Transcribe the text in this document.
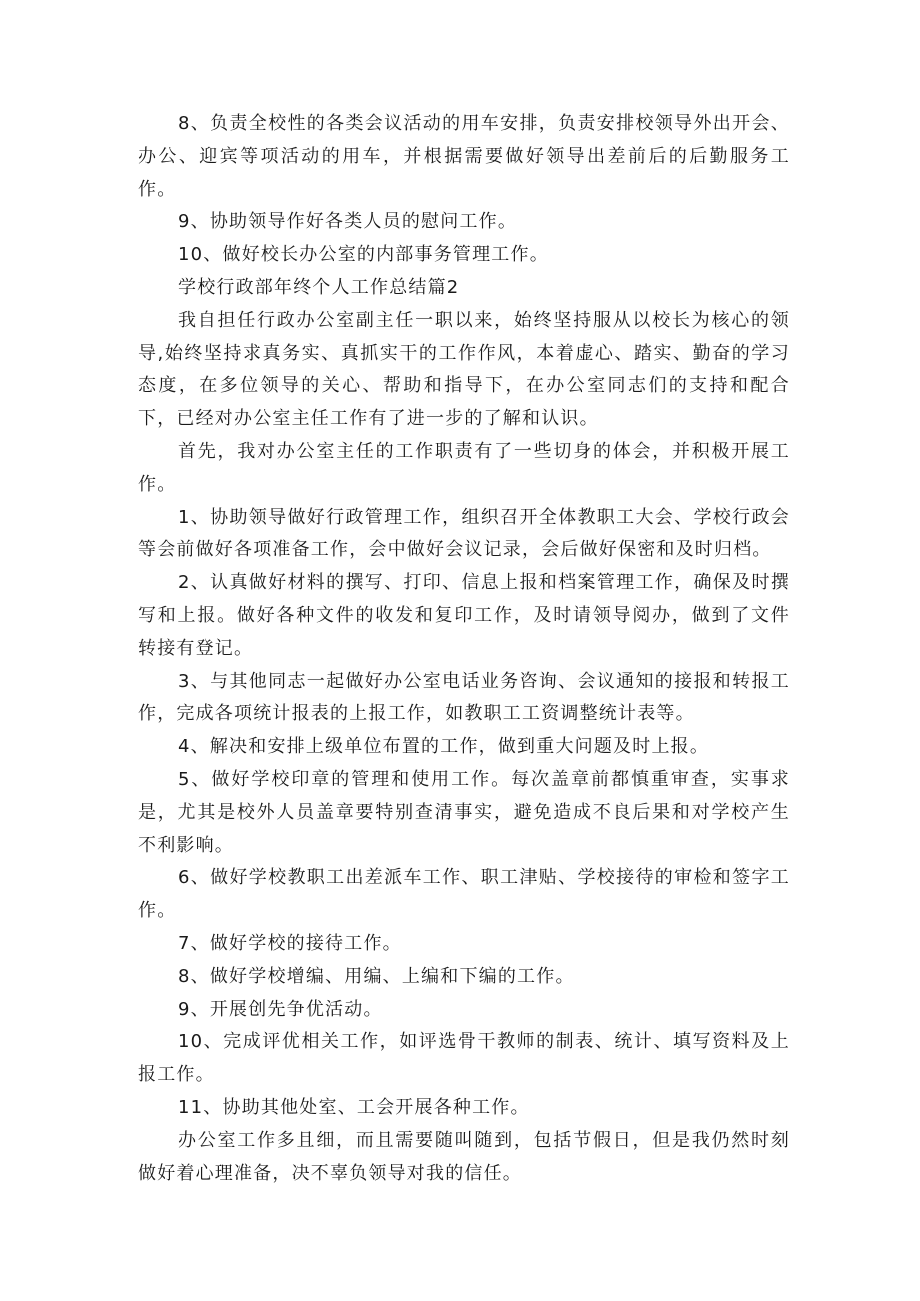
8、负责全校性的各类会议活动的用车安排，负责安排校领导外出开会、办公、迎宾等项活动的用车，并根据需要做好领导出差前后的后勤服务工作。

9、协助领导作好各类人员的慰问工作。

10、做好校长办公室的内部事务管理工作。

学校行政部年终个人工作总结篇2

我自担任行政办公室副主任一职以来，始终坚持服从以校长为核心的领导,始终坚持求真务实、真抓实干的工作作风，本着虚心、踏实、勤奋的学习态度，在多位领导的关心、帮助和指导下，在办公室同志们的支持和配合下，已经对办公室主任工作有了进一步的了解和认识。

首先，我对办公室主任的工作职责有了一些切身的体会，并积极开展工作。

1、协助领导做好行政管理工作，组织召开全体教职工大会、学校行政会等会前做好各项准备工作，会中做好会议记录，会后做好保密和及时归档。

2、认真做好材料的撰写、打印、信息上报和档案管理工作，确保及时撰写和上报。做好各种文件的收发和复印工作，及时请领导阅办，做到了文件转接有登记。

3、与其他同志一起做好办公室电话业务咨询、会议通知的接报和转报工作，完成各项统计报表的上报工作，如教职工工资调整统计表等。

4、解决和安排上级单位布置的工作，做到重大问题及时上报。

5、做好学校印章的管理和使用工作。每次盖章前都慎重审查，实事求是，尤其是校外人员盖章要特别查清事实，避免造成不良后果和对学校产生不利影响。

6、做好学校教职工出差派车工作、职工津贴、学校接待的审检和签字工作。

7、做好学校的接待工作。

8、做好学校增编、用编、上编和下编的工作。

9、开展创先争优活动。

10、完成评优相关工作，如评选骨干教师的制表、统计、填写资料及上报工作。

11、协助其他处室、工会开展各种工作。

办公室工作多且细，而且需要随叫随到，包括节假日，但是我仍然时刻做好着心理准备，决不辜负领导对我的信任。
